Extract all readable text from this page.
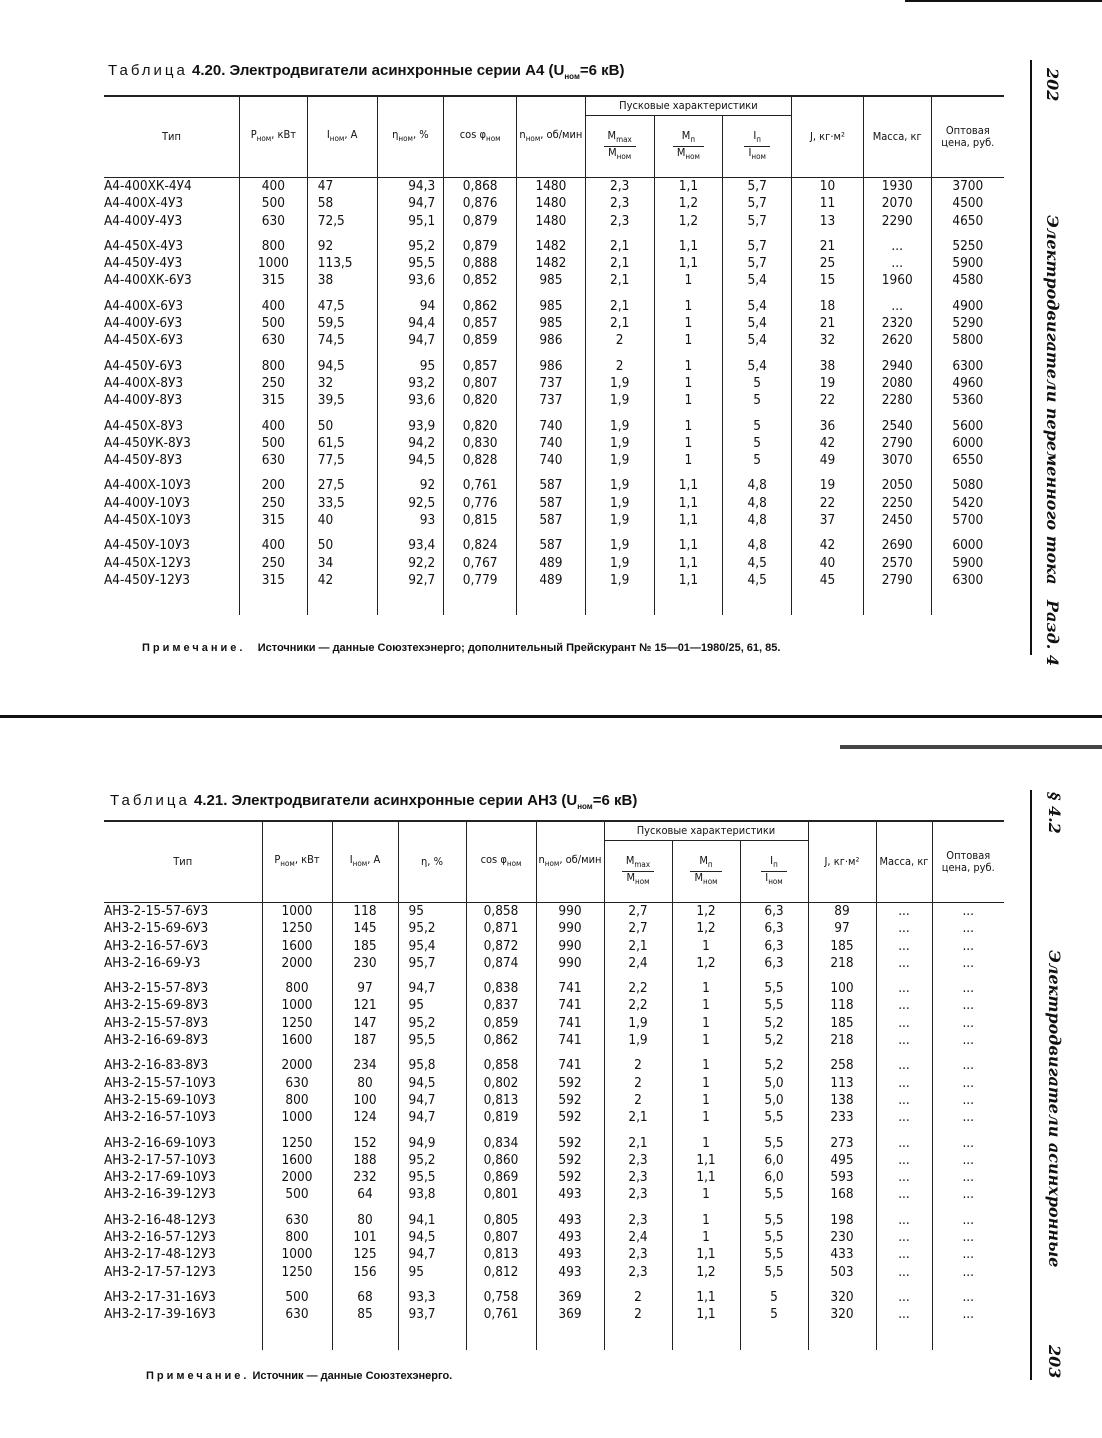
Таблица 4.20. Электродвигатели асинхронные серии А4 ($U_{ном}=6$ кВ)
Тип	$P_{ном}$, кВт	$I_{ном}$, А	$\eta_{ном}$, %	$\cos \varphi_{ном}$	$n_{ном}$, об/мин	Пусковые характеристики			J, кг·м²	Масса, кг	Оптовая цена, руб.

						$\frac{M_{max}}{M_{ном}}$	$\frac{M_п}{M_{ном}}$	$\frac{I_п}{I_{ном}}$

А4-400ХК-4У4	400	47	94,3	0,868	1480	2,3	1,1	5,7	10	1930	3700
А4-400Х-4У3	500	58	94,7	0,876	1480	2,3	1,2	5,7	11	2070	4500
А4-400У-4У3	630	72,5	95,1	0,879	1480	2,3	1,2	5,7	13	2290	4650

А4-450Х-4У3	800	92	95,2	0,879	1482	2,1	1,1	5,7	21	...	5250
А4-450У-4У3	1000	113,5	95,5	0,888	1482	2,1	1,1	5,7	25	...	5900
А4-400ХК-6У3	315	38	93,6	0,852	985	2,1	1	5,4	15	1960	4580

А4-400Х-6У3	400	47,5	94	0,862	985	2,1	1	5,4	18	...	4900
А4-400У-6У3	500	59,5	94,4	0,857	985	2,1	1	5,4	21	2320	5290
А4-450Х-6У3	630	74,5	94,7	0,859	986	2	1	5,4	32	2620	5800

А4-450У-6У3	800	94,5	95	0,857	986	2	1	5,4	38	2940	6300
А4-400Х-8У3	250	32	93,2	0,807	737	1,9	1	5	19	2080	4960
А4-400У-8У3	315	39,5	93,6	0,820	737	1,9	1	5	22	2280	5360

А4-450Х-8У3	400	50	93,9	0,820	740	1,9	1	5	36	2540	5600
А4-450УК-8У3	500	61,5	94,2	0,830	740	1,9	1	5	42	2790	6000
А4-450У-8У3	630	77,5	94,5	0,828	740	1,9	1	5	49	3070	6550

А4-400Х-10У3	200	27,5	92	0,761	587	1,9	1,1	4,8	19	2050	5080
А4-400У-10У3	250	33,5	92,5	0,776	587	1,9	1,1	4,8	22	2250	5420
А4-450Х-10У3	315	40	93	0,815	587	1,9	1,1	4,8	37	2450	5700

А4-450У-10У3	400	50	93,4	0,824	587	1,9	1,1	4,8	42	2690	6000
А4-450Х-12У3	250	34	92,2	0,767	489	1,9	1,1	4,5	40	2570	5900
А4-450У-12У3	315	42	92,7	0,779	489	1,9	1,1	4,5	45	2790	6300

Примечание. Источники — данные Союзтехэнерго; дополнительный Прейскурант № 15—01—1980/25, 61, 85.
Таблица 4.21. Электродвигатели асинхронные серии АН3 ($U_{ном}=6$ кВ)
Тип	$P_{ном}$, кВт	$I_{ном}$, А	η, %	$\cos \varphi_{ном}$	$n_{ном}$, об/мин	Пусковые характеристики			J, кг·м²	Масса, кг	Оптовая цена, руб.

						$\frac{M_{max}}{M_{ном}}$	$\frac{M_п}{M_{ном}}$	$\frac{I_п}{I_{ном}}$

АН3-2-15-57-6У3	1000	118	95	0,858	990	2,7	1,2	6,3	89	...	...
АН3-2-15-69-6У3	1250	145	95,2	0,871	990	2,7	1,2	6,3	97	...	...
АН3-2-16-57-6У3	1600	185	95,4	0,872	990	2,1	1	6,3	185	...	...
АН3-2-16-69-У3	2000	230	95,7	0,874	990	2,4	1,2	6,3	218	...	...

АН3-2-15-57-8У3	800	97	94,7	0,838	741	2,2	1	5,5	100	...	...
АН3-2-15-69-8У3	1000	121	95	0,837	741	2,2	1	5,5	118	...	...
АН3-2-15-57-8У3	1250	147	95,2	0,859	741	1,9	1	5,2	185	...	...
АН3-2-16-69-8У3	1600	187	95,5	0,862	741	1,9	1	5,2	218	...	...

АН3-2-16-83-8У3	2000	234	95,8	0,858	741	2	1	5,2	258	...	...
АН3-2-15-57-10У3	630	80	94,5	0,802	592	2	1	5,0	113	...	...
АН3-2-15-69-10У3	800	100	94,7	0,813	592	2	1	5,0	138	...	...
АН3-2-16-57-10У3	1000	124	94,7	0,819	592	2,1	1	5,5	233	...	...

АН3-2-16-69-10У3	1250	152	94,9	0,834	592	2,1	1	5,5	273	...	...
АН3-2-17-57-10У3	1600	188	95,2	0,860	592	2,3	1,1	6,0	495	...	...
АН3-2-17-69-10У3	2000	232	95,5	0,869	592	2,3	1,1	6,0	593	...	...
АН3-2-16-39-12У3	500	64	93,8	0,801	493	2,3	1	5,5	168	...	...

АН3-2-16-48-12У3	630	80	94,1	0,805	493	2,3	1	5,5	198	...	...
АН3-2-16-57-12У3	800	101	94,5	0,807	493	2,4	1	5,5	230	...	...
АН3-2-17-48-12У3	1000	125	94,7	0,813	493	2,3	1,1	5,5	433	...	...
АН3-2-17-57-12У3	1250	156	95	0,812	493	2,3	1,2	5,5	503	...	...

АН3-2-17-31-16У3	500	68	93,3	0,758	369	2	1,1	5	320	...	...
АН3-2-17-39-16У3	630	85	93,7	0,761	369	2	1,1	5	320	...	...

Примечание. Источник — данные Союзтехэнерго.
202
Электродвигатели переменного тока
Разд. 4
§ 4.2
Электродвигатели асинхронные
203
